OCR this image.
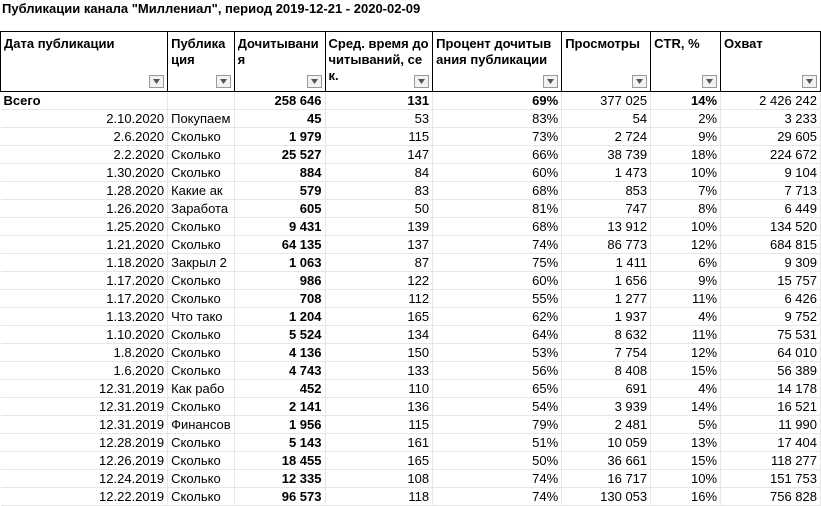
Публикации канала "Миллениал", период 2019-12-21 - 2020-02-09
Дата публикации	Публикация	Дочитывания	Сред. время дочитываний, сек.	Процент дочитывания публикации	Просмотры	CTR, %	Охват

Всего		258 646	131	69%	377 025	14%	2 426 242
2.10.2020	Покупаем	45	53	83%	54	2%	3 233
2.6.2020	Сколько	1 979	115	73%	2 724	9%	29 605
2.2.2020	Сколько	25 527	147	66%	38 739	18%	224 672
1.30.2020	Сколько	884	84	60%	1 473	10%	9 104
1.28.2020	Какие ак	579	83	68%	853	7%	7 713
1.26.2020	Заработа	605	50	81%	747	8%	6 449
1.25.2020	Сколько	9 431	139	68%	13 912	10%	134 520
1.21.2020	Сколько	64 135	137	74%	86 773	12%	684 815
1.18.2020	Закрыл 2	1 063	87	75%	1 411	6%	9 309
1.17.2020	Сколько	986	122	60%	1 656	9%	15 757
1.17.2020	Сколько	708	112	55%	1 277	11%	6 426
1.13.2020	Что тако	1 204	165	62%	1 937	4%	9 752
1.10.2020	Сколько	5 524	134	64%	8 632	11%	75 531
1.8.2020	Сколько	4 136	150	53%	7 754	12%	64 010
1.6.2020	Сколько	4 743	133	56%	8 408	15%	56 389
12.31.2019	Как рабо	452	110	65%	691	4%	14 178
12.31.2019	Сколько	2 141	136	54%	3 939	14%	16 521
12.31.2019	Финансов	1 956	115	79%	2 481	5%	11 990
12.28.2019	Сколько	5 143	161	51%	10 059	13%	17 404
12.26.2019	Сколько	18 455	165	50%	36 661	15%	118 277
12.24.2019	Сколько	12 335	108	74%	16 717	10%	151 753
12.22.2019	Сколько	96 573	118	74%	130 053	16%	756 828
